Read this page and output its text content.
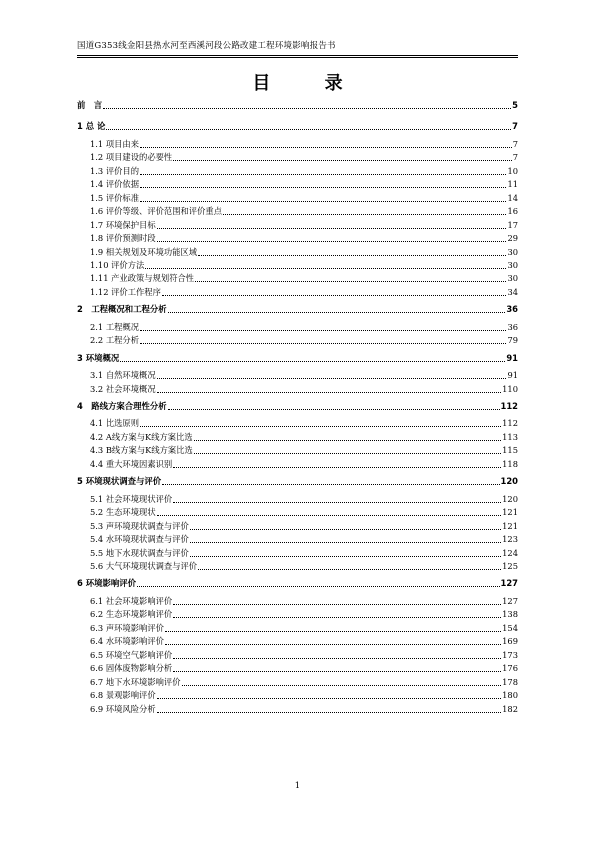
国道G353线金阳县热水河至西溪河段公路改建工程环境影响报告书
目 录
前　言	5
1 总 论	7
1.1 项目由来	7
1.2 项目建设的必要性	7
1.3 评价目的	10
1.4 评价依据	11
1.5 评价标准	14
1.6 评价等级、评价范围和评价重点	16
1.7 环境保护目标	17
1.8 评价预测时段	29
1.9 相关规划及环境功能区域	30
1.10 评价方法	30
1.11 产业政策与规划符合性	30
1.12 评价工作程序	34
2　工程概况和工程分析	36
2.1 工程概况	36
2.2 工程分析	79
3 环境概况	91
3.1 自然环境概况	91
3.2 社会环境概况	110
4　路线方案合理性分析	112
4.1 比选原则	112
4.2 A线方案与K线方案比选	113
4.3 B线方案与K线方案比选	115
4.4 重大环境因素识别	118
5 环境现状调查与评价	120
5.1 社会环境现状评价	120
5.2 生态环境现状	121
5.3 声环境现状调查与评价	121
5.4 水环境现状调查与评价	123
5.5 地下水现状调查与评价	124
5.6 大气环境现状调查与评价	125
6 环境影响评价	127
6.1 社会环境影响评价	127
6.2 生态环境影响评价	138
6.3 声环境影响评价	154
6.4 水环境影响评价	169
6.5 环境空气影响评价	173
6.6 固体废物影响分析	176
6.7 地下水环境影响评价	178
6.8 景观影响评价	180
6.9 环境风险分析	182
1
